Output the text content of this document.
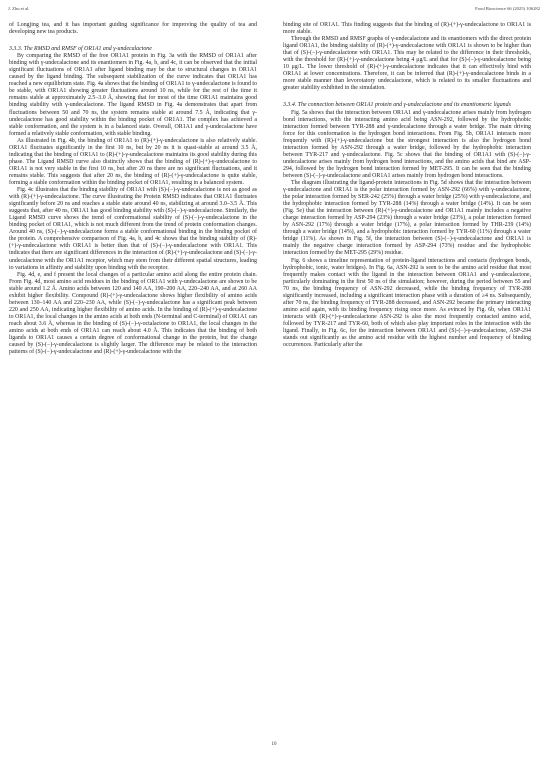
J. Zhu et al.	Food Bioscience 66 (2025) 106282

of Longjing tea, and it has important guiding significance for improving the quality of tea and developing new tea products.

3.3.3. The RMSD and RMSF of OR1A1 and γ-undecalactone

By comparing the RMSD of the free OR1A1 protein in Fig. 3a with the RMSD of OR1A1 after binding with γ-undecalactone and its enantiomers in Fig. 4a, b, and 4c, it can be observed that the initial significant fluctuations of OR1A1 after ligand binding may be due to structural changes in OR1A1 caused by the ligand binding. The subsequent stabilization of the curve indicates that OR1A1 has reached a new equilibrium state. Fig. 4a shows that the binding of OR1A1 to γ-undecalactone is found to be stable, with OR1A1 showing greater fluctuations around 10 ns, while for the rest of the time it remains stable at approximately 2.5–3.0 Å, showing that for most of the time OR1A1 maintains good binding stability with γ-undecalactone. The ligand RMSD in Fig. 4a demonstrates that apart from fluctuations between 50 and 70 ns, the system remains stable at around 7.5 Å, indicating that γ-undecalactone has good stability within the binding pocket of OR1A1. The complex has achieved a stable conformation, and the system is in a balanced state. Overall, OR1A1 and γ-undecalactone have formed a relatively stable conformation, with stable binding.

As illustrated in Fig. 4b, the binding of OR1A1 to (R)-(+)-γ-undecalactone is also relatively stable. OR1A1 fluctuates significantly in the first 10 ns, but by 20 ns it is quasi-stable at around 3.5 Å, indicating that the binding of OR1A1 to (R)-(+)-γ-undecalactone maintains its good stability during this phase. The Ligand RMSD curve also distinctly shows that the binding of (R)-(+)-γ-undecalactone to OR1A1 is not very stable in the first 10 ns, but after 20 ns there are no significant fluctuations, and it remains stable. This suggests that after 20 ns, the binding of (R)-(+)-γ-undecalactone is quite stable, forming a stable conformation within the binding pocket of OR1A1, resulting in a balanced system.

Fig. 4c illustrates that the binding stability of OR1A1 with (S)-(−)-γ-undecalactone is not as good as with (R)-(+)-γ-undecalactone. The curve illustrating the Protein RMSD indicates that OR1A1 fluctuates significantly before 20 ns and reaches a stable state around 40 ns, stabilizing at around 3.0–3.5 Å. This suggests that, after 40 ns, OR1A1 has good binding stability with (S)-(−)-γ-undecalactone. Similarly, the Ligand RMSD curve shows the trend of conformational stability of (S)-(−)-γ-undecalactone in the binding pocket of OR1A1, which is not much different from the trend of protein conformation changes. Around 40 ns, (S)-(−)-γ-undecalactone forms a stable conformational binding in the binding pocket of the protein. A comprehensive comparison of Fig. 4a, b, and 4c shows that the binding stability of (R)-(+)-γ-undecalactone with OR1A1 is better than that of (S)-(−)-γ-undecalactone with OR1A1. This indicates that there are significant differences in the interaction of (R)-(+)-γ-undecalactone and (S)-(−)-γ-undecalactone with the OR1A1 receptor, which may stem from their different spatial structures, leading to variations in affinity and stability upon binding with the receptor.

Fig. 4d, e, and f present the local changes of a particular amino acid along the entire protein chain. From Fig. 4d, most amino acid residues in the binding of OR1A1 with γ-undecalactone are shown to be stable around 1.2 Å. Amino acids between 120 and 140 AA, 190–200 AA, 220–240 AA, and at 260 AA exhibit higher flexibility. Compound (R)-(+)-γ-undecalactone shows higher flexibility of amino acids between 130–140 AA and 220–230 AA, while (S)-(−)-γ-undecalactone has a significant peak between 220 and 250 AA, indicating higher flexibility of amino acids. In the binding of (R)-(+)-γ-undecalactone to OR1A1, the local changes in the amino acids at both ends (N-terminal and C-terminal) of OR1A1 can reach about 3.6 Å, whereas in the binding of (S)-(−)-γ-octalactone to OR1A1, the local changes in the amino acids at both ends of OR1A1 can reach about 4.0 Å. This indicates that the binding of both ligands to OR1A1 causes a certain degree of conformational change in the protein, but the change caused by (S)-(−)-γ-undecalactone is slightly larger. The difference may be related to the interaction patterns of (S)-(−)-γ-undecalactone and (R)-(+)-γ-undecalactone with the

binding site of OR1A1. This finding suggests that the binding of (R)-(+)-γ-undecalactone to OR1A1 is more stable.

Through the RMSD and RMSF graphs of γ-undecalactone and its enantiomers with the direct protein ligand OR1A1, the binding stability of (R)-(+)-γ-undecalactone with OR1A1 is shown to be higher than that of (S)-(−)-γ-undecalactone with OR1A1. This may be related to the difference in their thresholds, with the threshold for (R)-(+)-γ-undecalactone being 4 μg/L and that for (S)-(−)-γ-undecalactone being 10 μg/L. The lower threshold of (R)-(+)-γ-undecalactone indicates that it can effectively bind with OR1A1 at lower concentrations. Therefore, it can be inferred that (R)-(+)-γ-undecalactone binds in a more stable manner than levorotatory undecalactone, which is related to its smaller fluctuations and greater stability exhibited in the simulation.

3.3.4. The connection between OR1A1 protein and γ-undecalactone and its enantiomeric ligands

Fig. 5a shows that the interaction between OR1A1 and γ-undecalactone arises mainly from hydrogen bond interactions, with the interacting amino acid being ASN-292, followed by the hydrophobic interaction formed between TYR-288 and γ-undecalactone through a water bridge. The main driving force for this conformation is the hydrogen bond interactions. From Fig. 5b, OR1A1 interacts more frequently with (R)-(+)-γ-undecalactone but the strongest interaction is also the hydrogen bond interaction formed by ASN-292 through a water bridge, followed by the hydrophobic interaction between TYR-217 and γ-undecalactone. Fig. 5c shows that the binding of OR1A1 with (S)-(−)-γ-undecalactone arises mainly from hydrogen bond interactions, and the amino acids that bind are ASP-294, followed by the hydrogen bond interaction formed by MET-295. It can be seen that the binding between (S)-(−)-γ-undecalactone and OR1A1 arises mainly from hydrogen bond interactions.

The diagram illustrating the ligand-protein interactions in Fig. 5d shows that the interaction between γ-undecalactone and OR1A1 is the polar interaction formed by ASN-292 (66%) with γ-undecalactone, the polar interaction formed by SER-242 (25%) through a water bridge (25%) with γ-undecalactone, and the hydrophobic interaction formed by TYR-288 (14%) through a water bridge (14%). It can be seen (Fig. 5e) that the interaction between (R)-(+)-γ-undecalactone and OR1A1 mainly includes a negative charge interaction formed by ASP-294 (23%) through a water bridge (23%), a polar interaction formed by ASN-292 (17%) through a water bridge (17%), a polar interaction formed by THR-239 (14%) through a water bridge (14%), and a hydrophobic interaction formed by TYR-60 (11%) through a water bridge (11%). As shown in Fig. 5f, the interaction between (S)-(−)-γ-undecalactone and OR1A1 is mainly the negative charge interaction formed by ASP-294 (73%) residue and the hydrophobic interaction formed by the MET-295 (29%) residue.

Fig. 6 shows a timeline representation of protein-ligand interactions and contacts (hydrogen bonds, hydrophobic, ionic, water bridges). In Fig. 6a, ASN-292 is seen to be the amino acid residue that most frequently makes contact with the ligand in the interaction between OR1A1 and γ-undecalactone, particularly dominating in the first 50 ns of the simulation; however, during the period between 55 and 70 ns, the binding frequency of ASN-292 decreased, while the binding frequency of TYR-288 significantly increased, including a significant interaction phase with a duration of ≥4 ns. Subsequently, after 70 ns, the binding frequency of TYR-288 decreased, and ASN-292 became the primary interacting amino acid again, with its binding frequency rising once more. As evinced by Fig. 6b, when OR1A1 interacts with (R)-(+)-γ-undecalactone ASN-292 is also the most frequently contacted amino acid, followed by TYR-217 and TYR-60, both of which also play important roles in the interaction with the ligand. Finally, in Fig. 6c, for the interaction between OR1A1 and (S)-(−)-γ-undecalactone, ASP-294 stands out significantly as the amino acid residue with the highest number and frequency of binding occurrences. Particularly after the

10
